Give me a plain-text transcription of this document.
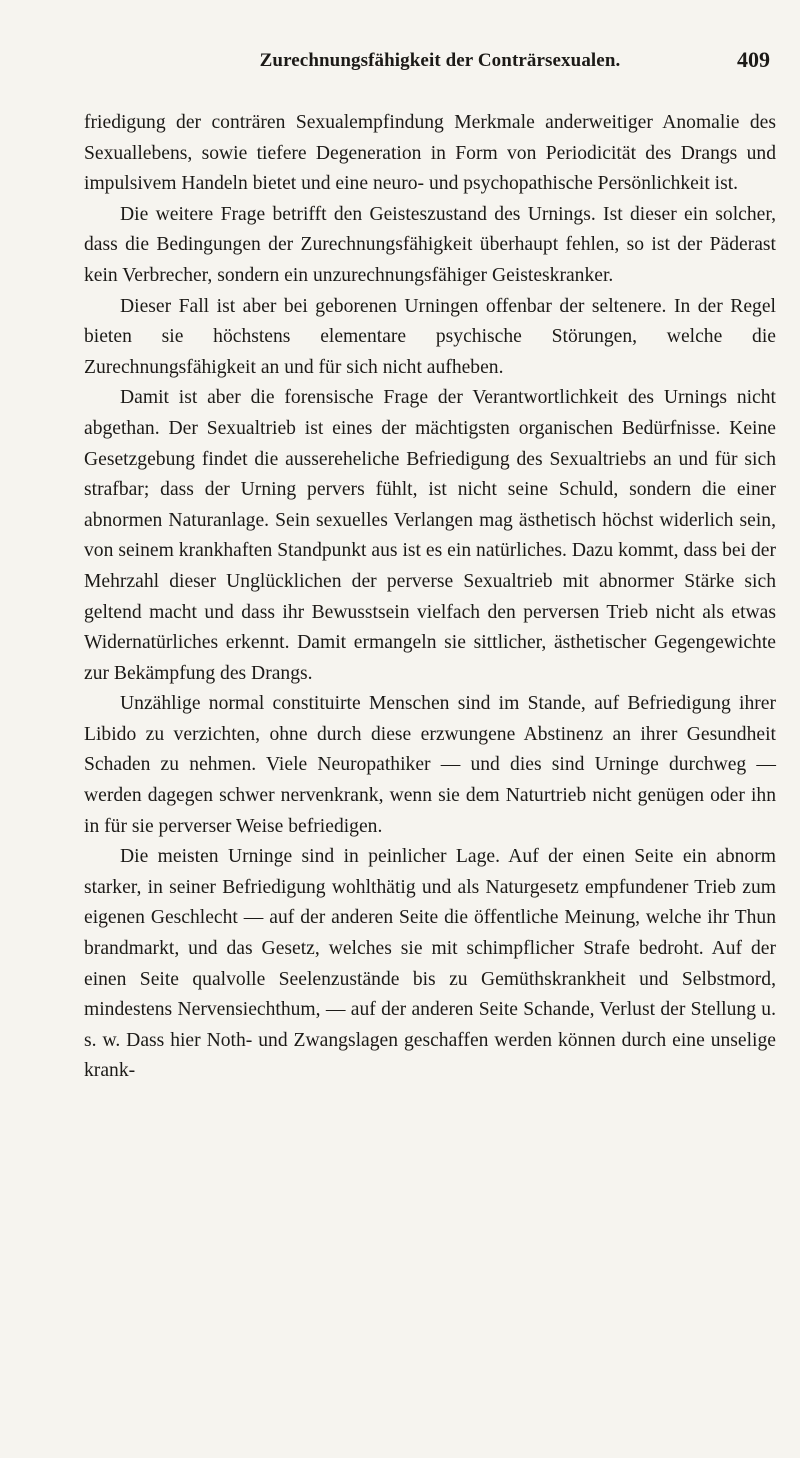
Zurechnungsfähigkeit der Conträrsexualen.	409

friedigung der conträren Sexualempfindung Merkmale anderweitiger Anomalie des Sexuallebens, sowie tiefere Degeneration in Form von Periodicität des Drangs und impulsivem Handeln bietet und eine neuro- und psychopathische Persönlichkeit ist.

Die weitere Frage betrifft den Geisteszustand des Urnings. Ist dieser ein solcher, dass die Bedingungen der Zurechnungsfähigkeit überhaupt fehlen, so ist der Päderast kein Verbrecher, sondern ein unzurechnungsfähiger Geisteskranker.

Dieser Fall ist aber bei geborenen Urningen offenbar der seltenere. In der Regel bieten sie höchstens elementare psychische Störungen, welche die Zurechnungsfähigkeit an und für sich nicht aufheben.

Damit ist aber die forensische Frage der Verantwortlichkeit des Urnings nicht abgethan. Der Sexualtrieb ist eines der mächtigsten organischen Bedürfnisse. Keine Gesetzgebung findet die aussereheliche Befriedigung des Sexualtriebs an und für sich strafbar; dass der Urning pervers fühlt, ist nicht seine Schuld, sondern die einer abnormen Naturanlage. Sein sexuelles Verlangen mag ästhetisch höchst widerlich sein, von seinem krankhaften Standpunkt aus ist es ein natürliches. Dazu kommt, dass bei der Mehrzahl dieser Unglücklichen der perverse Sexualtrieb mit abnormer Stärke sich geltend macht und dass ihr Bewusstsein vielfach den perversen Trieb nicht als etwas Widernatürliches erkennt. Damit ermangeln sie sittlicher, ästhetischer Gegengewichte zur Bekämpfung des Drangs.

Unzählige normal constituirte Menschen sind im Stande, auf Befriedigung ihrer Libido zu verzichten, ohne durch diese erzwungene Abstinenz an ihrer Gesundheit Schaden zu nehmen. Viele Neuropathiker — und dies sind Urninge durchweg — werden dagegen schwer nervenkrank, wenn sie dem Naturtrieb nicht genügen oder ihn in für sie perverser Weise befriedigen.

Die meisten Urninge sind in peinlicher Lage. Auf der einen Seite ein abnorm starker, in seiner Befriedigung wohlthätig und als Naturgesetz empfundener Trieb zum eigenen Geschlecht — auf der anderen Seite die öffentliche Meinung, welche ihr Thun brandmarkt, und das Gesetz, welches sie mit schimpflicher Strafe bedroht. Auf der einen Seite qualvolle Seelenzustände bis zu Gemüthskrankheit und Selbstmord, mindestens Nervensiechthum, — auf der anderen Seite Schande, Verlust der Stellung u. s. w. Dass hier Noth- und Zwangslagen geschaffen werden können durch eine unselige krank-
